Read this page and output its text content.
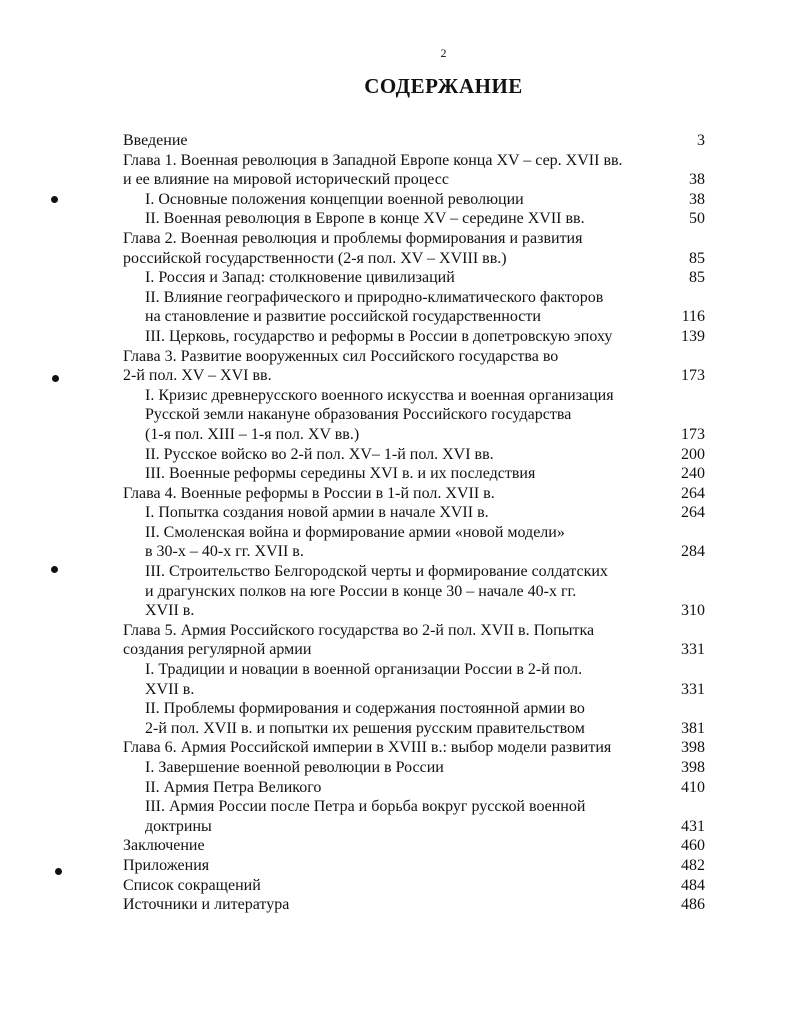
2
СОДЕРЖАНИЕ
Введение	3
Глава 1. Военная революция в Западной Европе конца XV – сер. XVII вв.
и ее влияние на мировой исторический процесс	38
I. Основные положения концепции военной революции	38
II. Военная революция в Европе в конце XV – середине XVII вв.	50
Глава 2. Военная революция и проблемы формирования и развития
российской государственности (2-я пол. XV – XVIII вв.)	85
I. Россия и Запад: столкновение цивилизаций	85
II. Влияние географического и природно-климатического факторов
на становление и развитие российской государственности	116
III. Церковь, государство и реформы в России в допетровскую эпоху	139
Глава 3. Развитие вооруженных сил Российского государства во
2-й пол. XV – XVI вв.	173
I. Кризис древнерусского военного искусства и военная организация
Русской земли накануне образования Российского государства
(1-я пол. XIII – 1-я пол. XV вв.)	173
II. Русское войско во 2-й пол. XV– 1-й пол. XVI вв.	200
III. Военные реформы середины XVI в. и их последствия	240
Глава 4. Военные реформы в России в 1-й пол. XVII в.	264
I. Попытка создания новой армии в начале XVII в.	264
II. Смоленская война и формирование армии «новой модели»
в 30-х – 40-х гг. XVII в.	284
III. Строительство Белгородской черты и формирование солдатских
и драгунских полков на юге России в конце 30 – начале 40-х гг.
XVII в.	310
Глава 5. Армия Российского государства во 2-й пол. XVII в. Попытка
создания регулярной армии	331
I. Традиции и новации в военной организации России в 2-й пол.
XVII в.	331
II. Проблемы формирования и содержания постоянной армии во
2-й пол. XVII в. и попытки их решения русским правительством	381
Глава 6. Армия Российской империи в XVIII в.: выбор модели развития	398
I. Завершение военной революции в России	398
II. Армия Петра Великого	410
III. Армия России после Петра и борьба вокруг русской военной
доктрины	431
Заключение	460
Приложения	482
Список сокращений	484
Источники и литература	486
